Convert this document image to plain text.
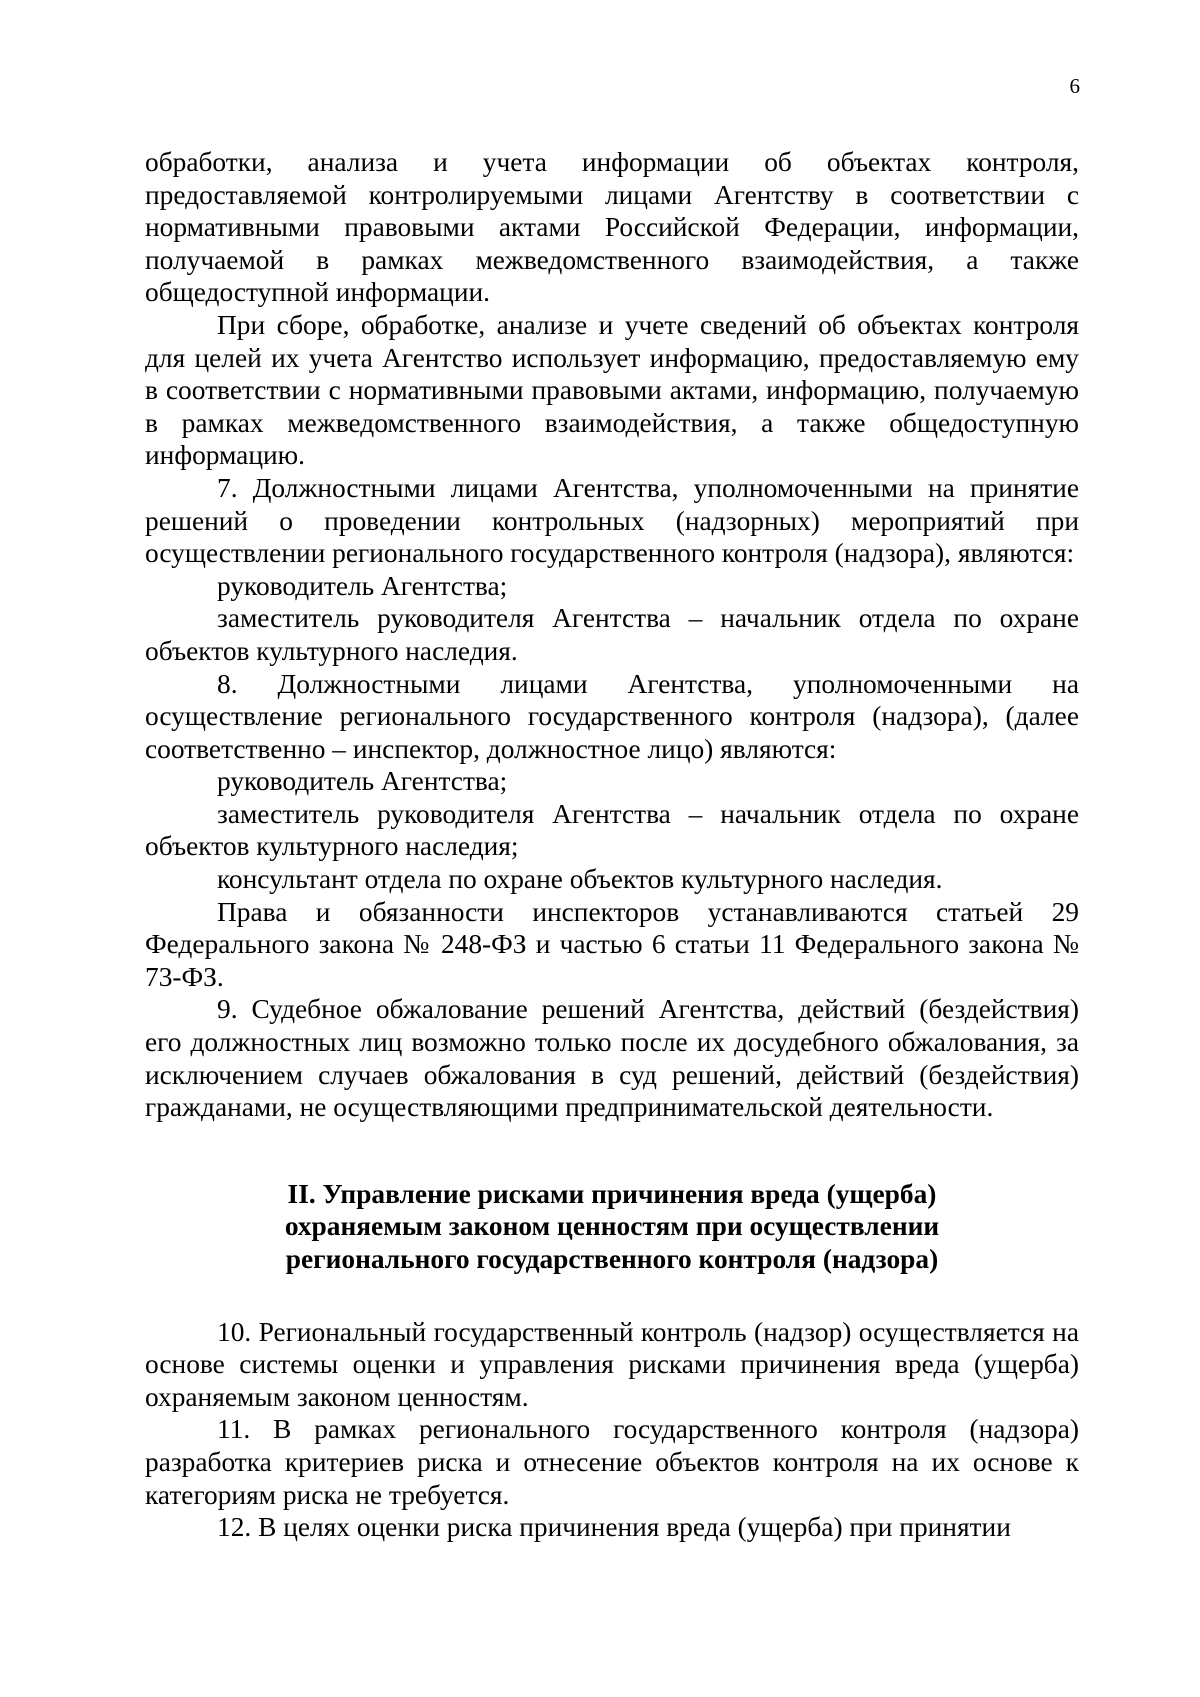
6

обработки, анализа и учета информации об объектах контроля, предоставляемой контролируемыми лицами Агентству в соответствии с нормативными правовыми актами Российской Федерации, информации, получаемой в рамках межведомственного взаимодействия, а также общедоступной информации.

При сборе, обработке, анализе и учете сведений об объектах контроля для целей их учета Агентство использует информацию, предоставляемую ему в соответствии с нормативными правовыми актами, информацию, получаемую в рамках межведомственного взаимодействия, а также общедоступную информацию.

7. Должностными лицами Агентства, уполномоченными на принятие решений о проведении контрольных (надзорных) мероприятий при осуществлении регионального государственного контроля (надзора), являются:

руководитель Агентства;

заместитель руководителя Агентства – начальник отдела по охране объектов культурного наследия.

8. Должностными лицами Агентства, уполномоченными на осуществление регионального государственного контроля (надзора), (далее соответственно – инспектор, должностное лицо) являются:

руководитель Агентства;

заместитель руководителя Агентства – начальник отдела по охране объектов культурного наследия;

консультант отдела по охране объектов культурного наследия.

Права и обязанности инспекторов устанавливаются статьей 29 Федерального закона № 248-ФЗ и частью 6 статьи 11 Федерального закона № 73-ФЗ.

9. Судебное обжалование решений Агентства, действий (бездействия) его должностных лиц возможно только после их досудебного обжалования, за исключением случаев обжалования в суд решений, действий (бездействия) гражданами, не осуществляющими предпринимательской деятельности.

II. Управление рисками причинения вреда (ущерба)
охраняемым законом ценностям при осуществлении
регионального государственного контроля (надзора)

10. Региональный государственный контроль (надзор) осуществляется на основе системы оценки и управления рисками причинения вреда (ущерба) охраняемым законом ценностям.

11. В рамках регионального государственного контроля (надзора) разработка критериев риска и отнесение объектов контроля на их основе к категориям риска не требуется.

12. В целях оценки риска причинения вреда (ущерба) при принятии
